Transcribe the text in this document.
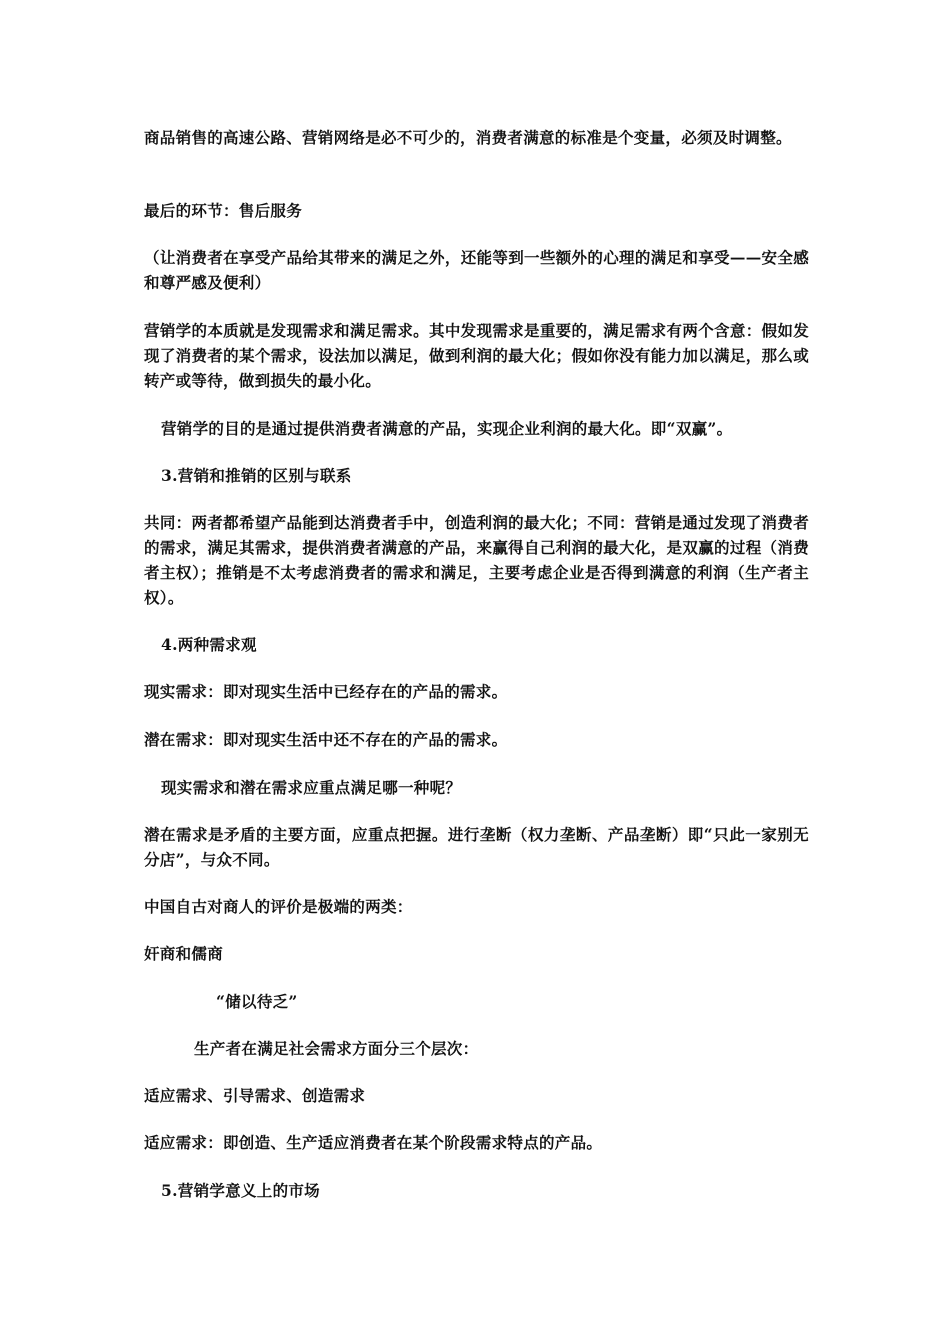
商品销售的高速公路、营销网络是必不可少的，消费者满意的标准是个变量，必须及时调整。

最后的环节：售后服务

（让消费者在享受产品给其带来的满足之外，还能等到一些额外的心理的满足和享受——安全感和尊严感及便利）

营销学的本质就是发现需求和满足需求。其中发现需求是重要的，满足需求有两个含意：假如发现了消费者的某个需求，设法加以满足，做到利润的最大化；假如你没有能力加以满足，那么或转产或等待，做到损失的最小化。

营销学的目的是通过提供消费者满意的产品，实现企业利润的最大化。即“双赢”。

3.营销和推销的区别与联系

共同：两者都希望产品能到达消费者手中，创造利润的最大化；不同：营销是通过发现了消费者的需求，满足其需求，提供消费者满意的产品，来赢得自己利润的最大化，是双赢的过程（消费者主权）；推销是不太考虑消费者的需求和满足，主要考虑企业是否得到满意的利润（生产者主权）。

4.两种需求观

现实需求：即对现实生活中已经存在的产品的需求。

潜在需求：即对现实生活中还不存在的产品的需求。

现实需求和潜在需求应重点满足哪一种呢？

潜在需求是矛盾的主要方面，应重点把握。进行垄断（权力垄断、产品垄断）即“只此一家别无分店”，与众不同。

中国自古对商人的评价是极端的两类：

奸商和儒商

“储以待乏”

生产者在满足社会需求方面分三个层次：

适应需求、引导需求、创造需求

适应需求：即创造、生产适应消费者在某个阶段需求特点的产品。

5.营销学意义上的市场
